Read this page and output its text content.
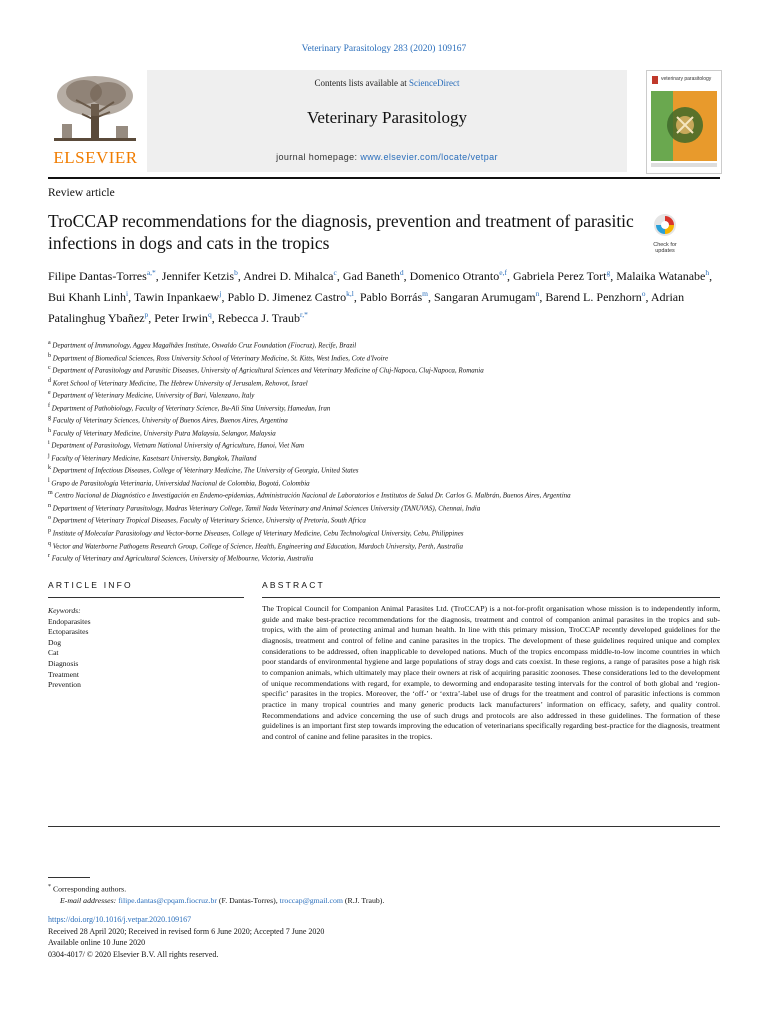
Veterinary Parasitology 283 (2020) 109167
ELSEVIER
Contents lists available at ScienceDirect
Veterinary Parasitology
journal homepage: www.elsevier.com/locate/vetpar
veterinary parasitology
Review article
TroCCAP recommendations for the diagnosis, prevention and treatment of parasitic infections in dogs and cats in the tropics	Check for updates
Filipe Dantas-Torres$^{a,*}$, Jennifer Ketzis$^b$, Andrei D. Mihalca$^c$, Gad Baneth$^d$, Domenico Otranto$^{e,f}$, Gabriela Perez Tort$^g$, Malaika Watanabe$^h$, Bui Khanh Linh$^i$, Tawin Inpankaew$^j$, Pablo D. Jimenez Castro$^{k,l}$, Pablo Borrás$^m$, Sangaran Arumugam$^n$, Barend L. Penzhorn$^o$, Adrian Patalinghug Ybañez$^p$, Peter Irwin$^q$, Rebecca J. Traub$^{r,*}$
$^a$ Department of Immunology, Aggeu Magalhães Institute, Oswaldo Cruz Foundation (Fiocruz), Recife, Brazil
$^b$ Department of Biomedical Sciences, Ross University School of Veterinary Medicine, St. Kitts, West Indies, Cote d'Ivoire
$^c$ Department of Parasitology and Parasitic Diseases, University of Agricultural Sciences and Veterinary Medicine of Cluj-Napoca, Cluj-Napoca, Romania
$^d$ Koret School of Veterinary Medicine, The Hebrew University of Jerusalem, Rehovot, Israel
$^e$ Department of Veterinary Medicine, University of Bari, Valenzano, Italy
$^f$ Department of Pathobiology, Faculty of Veterinary Science, Bu-Ali Sina University, Hamedan, Iran
$^g$ Faculty of Veterinary Sciences, University of Buenos Aires, Buenos Aires, Argentina
$^h$ Faculty of Veterinary Medicine, University Putra Malaysia, Selangor, Malaysia
$^i$ Department of Parasitology, Vietnam National University of Agriculture, Hanoi, Viet Nam
$^j$ Faculty of Veterinary Medicine, Kasetsart University, Bangkok, Thailand
$^k$ Department of Infectious Diseases, College of Veterinary Medicine, The University of Georgia, United States
$^l$ Grupo de Parasitología Veterinaria, Universidad Nacional de Colombia, Bogotá, Colombia
$^m$ Centro Nacional de Diagnóstico e Investigación en Endemo-epidemias, Administración Nacional de Laboratorios e Institutos de Salud Dr. Carlos G. Malbrán, Buenos Aires, Argentina
$^n$ Department of Veterinary Parasitology, Madras Veterinary College, Tamil Nadu Veterinary and Animal Sciences University (TANUVAS), Chennai, India
$^o$ Department of Veterinary Tropical Diseases, Faculty of Veterinary Science, University of Pretoria, South Africa
$^p$ Institute of Molecular Parasitology and Vector-borne Diseases, College of Veterinary Medicine, Cebu Technological University, Cebu, Philippines
$^q$ Vector and Waterborne Pathogens Research Group, College of Science, Health, Engineering and Education, Murdoch University, Perth, Australia
$^r$ Faculty of Veterinary and Agricultural Sciences, University of Melbourne, Victoria, Australia
ARTICLE INFO	ABSTRACT
Keywords:
Endoparasites
Ectoparasites
Dog
Cat
Diagnosis
Treatment
Prevention
The Tropical Council for Companion Animal Parasites Ltd. (TroCCAP) is a not-for-profit organisation whose mission is to independently inform, guide and make best-practice recommendations for the diagnosis, treatment and control of companion animal parasites in the tropics and sub-tropics, with the aim of protecting animal and human health. In line with this primary mission, TroCCAP recently developed guidelines for the diagnosis, treatment and control of feline and canine parasites in the tropics. The development of these guidelines required unique and complex considerations to be addressed, often inapplicable to developed nations. Much of the tropics encompass middle-to-low income countries in which poor standards of environmental hygiene and large populations of stray dogs and cats coexist. In these regions, a range of parasites pose a high risk to companion animals, which ultimately may place their owners at risk of acquiring parasitic zoonoses. These considerations led to the development of unique recommendations with regard, for example, to deworming and endoparasite testing intervals for the control of both global and ‘region-specific’ parasites in the tropics. Moreover, the ‘off-’ or ‘extra’-label use of drugs for the treatment and control of parasitic infections is common practice in many tropical countries and many generic products lack manufacturers’ information on efficacy, safety, and quality control. Recommendations and advice concerning the use of such drugs and protocols are also addressed in these guidelines. The formation of these guidelines is an important first step towards improving the education of veterinarians specifically regarding best-practice for the diagnosis, treatment and control of canine and feline parasites in the tropics.
* Corresponding authors.
E-mail addresses: filipe.dantas@cpqam.fiocruz.br (F. Dantas-Torres), troccap@gmail.com (R.J. Traub).
https://doi.org/10.1016/j.vetpar.2020.109167
Received 28 April 2020; Received in revised form 6 June 2020; Accepted 7 June 2020
Available online 10 June 2020
0304-4017/ © 2020 Elsevier B.V. All rights reserved.
